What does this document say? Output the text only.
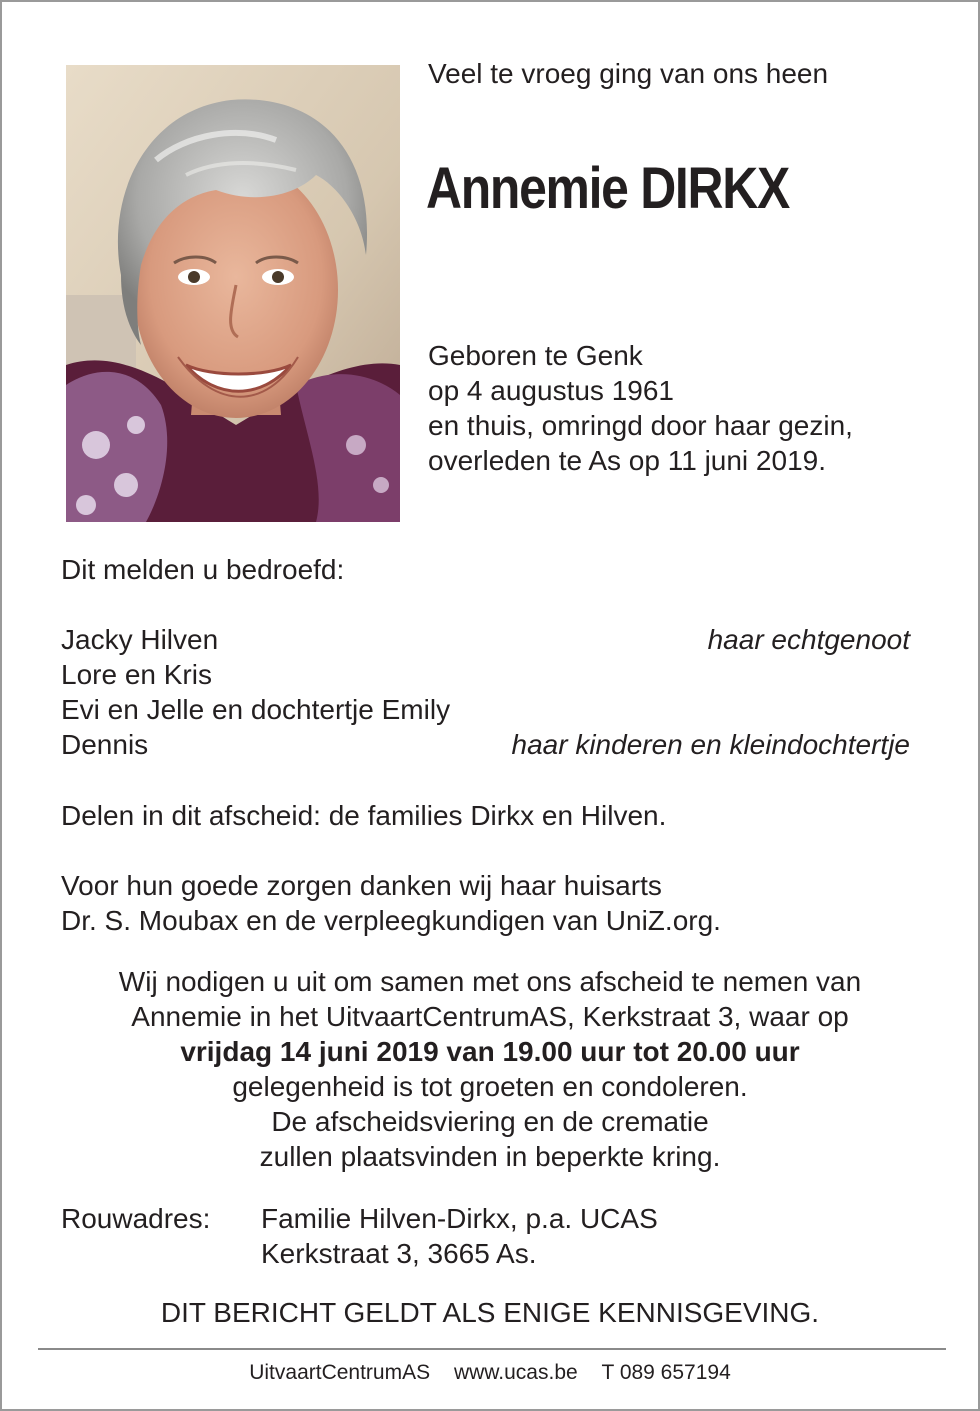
Veel te vroeg ging van ons heen
Annemie DIRKX
Geboren te Genk
op 4 augustus 1961
en thuis, omringd door haar gezin,
overleden te As op 11 juni 2019.
Dit melden u bedroefd:
Jacky Hilven	haar echtgenoot
Lore en Kris
Evi en Jelle en dochtertje Emily
Dennis	haar kinderen en kleindochtertje
Delen in dit afscheid: de families Dirkx en Hilven.
Voor hun goede zorgen danken wij haar huisarts
Dr. S. Moubax en de verpleegkundigen van UniZ.org.
Wij nodigen u uit om samen met ons afscheid te nemen van
Annemie in het UitvaartCentrumAS, Kerkstraat 3, waar op
vrijdag 14 juni 2019 van 19.00 uur tot 20.00 uur
gelegenheid is tot groeten en condoleren.
De afscheidsviering en de crematie
zullen plaatsvinden in beperkte kring.
Rouwadres: Familie Hilven-Dirkx, p.a. UCAS
Kerkstraat 3, 3665 As.
DIT BERICHT GELDT ALS ENIGE KENNISGEVING.
UitvaartCentrumAS www.ucas.be T 089 657194
